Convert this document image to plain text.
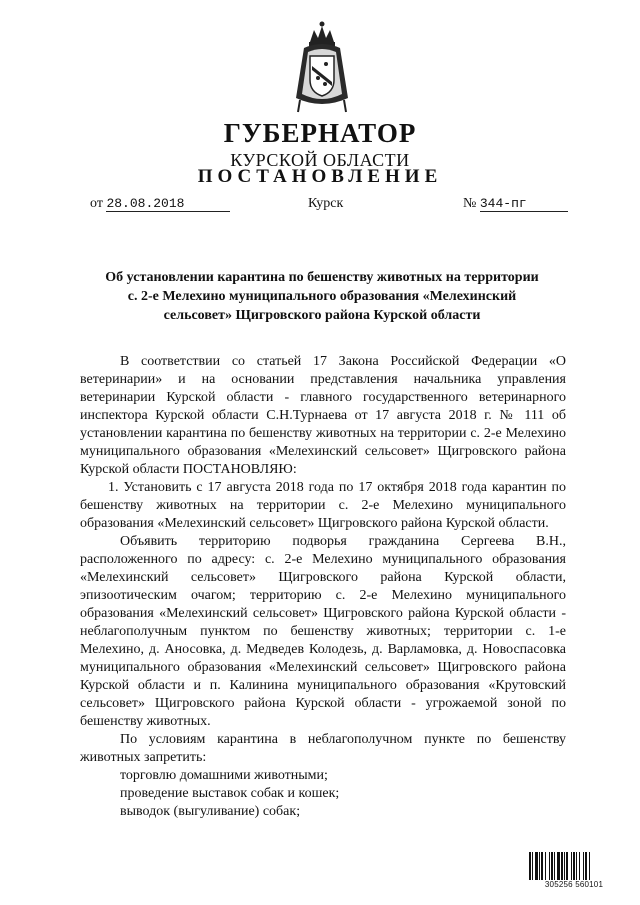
ГУБЕРНАТОР
КУРСКОЙ ОБЛАСТИ
ПОСТАНОВЛЕНИЕ
от 28.08.2018	Курск	№ 344-пг
Об установлении карантина по бешенству животных на территории
с. 2-е Мелехино муниципального образования «Мелехинский
сельсовет» Щигровского района Курской области

В соответствии со статьей 17 Закона Российской Федерации «О ветеринарии» и на основании представления начальника управления ветеринарии Курской области - главного государственного ветеринарного инспектора Курской области С.Н.Турнаева от 17 августа 2018 г. № 111 об установлении карантина по бешенству животных на территории с. 2-е Мелехино муниципального образования «Мелехинский сельсовет» Щигровского района Курской области ПОСТАНОВЛЯЮ:

1. Установить с 17 августа 2018 года по 17 октября 2018 года карантин по бешенству животных на территории с. 2-е Мелехино муниципального образования «Мелехинский сельсовет» Щигровского района Курской области.

Объявить территорию подворья гражданина Сергеева В.Н., расположенного по адресу: с. 2-е Мелехино муниципального образования «Мелехинский сельсовет» Щигровского района Курской области, эпизоотическим очагом; территорию с. 2-е Мелехино муниципального образования «Мелехинский сельсовет» Щигровского района Курской области - неблагополучным пунктом по бешенству животных; территории с. 1-е Мелехино, д. Аносовка, д. Медведев Колодезь, д. Варламовка, д. Новоспасовка муниципального образования «Мелехинский сельсовет» Щигровского района Курской области и п. Калинина муниципального образования «Крутовский сельсовет» Щигровского района Курской области - угрожаемой зоной по бешенству животных.

По условиям карантина в неблагополучном пункте по бешенству животных запретить:

торговлю домашними животными;

проведение выставок собак и кошек;

выводок (выгуливание) собак;

305256 560101
